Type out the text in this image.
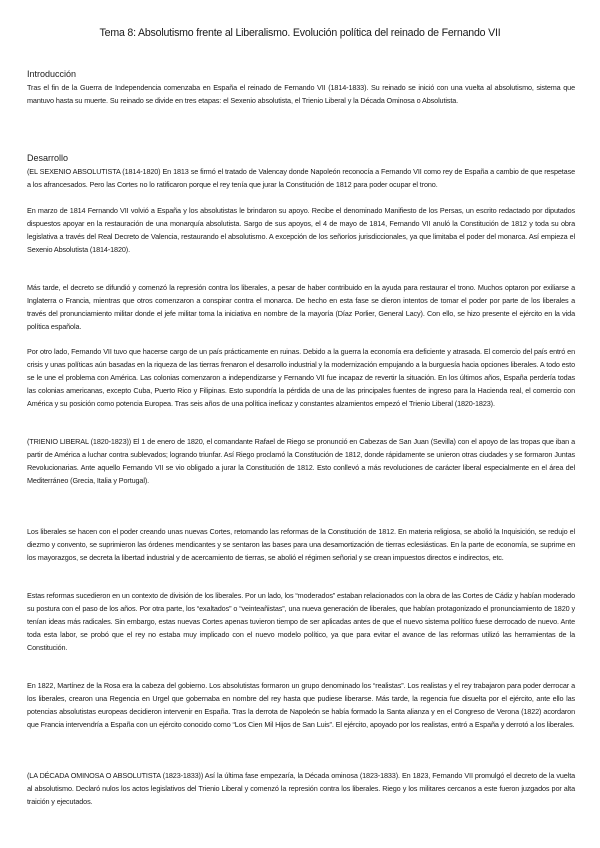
Tema 8: Absolutismo frente al Liberalismo. Evolución política del reinado de Fernando VII
Introducción
Tras el fin de la Guerra de Independencia comenzaba en España el reinado de Fernando VII (1814-1833). Su reinado se inició con una vuelta al absolutismo, sistema que mantuvo hasta su muerte. Su reinado se divide en tres etapas: el Sexenio absolutista, el Trienio Liberal y la Década Ominosa o Absolutista.
Desarrollo
(EL SEXENIO ABSOLUTISTA (1814-1820) En 1813 se firmó el tratado de Valencay donde Napoleón reconocía a Fernando VII como rey de España a cambio de que respetase a los afrancesados. Pero las Cortes no lo ratificaron porque el rey tenía que jurar la Constitución de 1812 para poder ocupar el trono.
En marzo de 1814 Fernando VII volvió a España y los absolutistas le brindaron su apoyo. Recibe el denominado Manifiesto de los Persas, un escrito redactado por diputados dispuestos apoyar en la restauración de una monarquía absolutista. Sargo de sus apoyos, el 4 de mayo de 1814, Fernando VII anuló la Constitución de 1812 y toda su obra legislativa a través del Real Decreto de Valencia, restaurando el absolutismo. A excepción de los señoríos jurisdiccionales, ya que limitaba el poder del monarca. Así empieza el Sexenio Absolutista (1814-1820).
Más tarde, el decreto se difundió y comenzó la represión contra los liberales, a pesar de haber contribuido en la ayuda para restaurar el trono. Muchos optaron por exiliarse a Inglaterra o Francia, mientras que otros comenzaron a conspirar contra el monarca. De hecho en esta fase se dieron intentos de tomar el poder por parte de los liberales a través del pronunciamiento militar donde el jefe militar toma la iniciativa en nombre de la mayoría (Díaz Porlier, General Lacy). Con ello, se hizo presente el ejército en la vida política española.
Por otro lado, Fernando VII tuvo que hacerse cargo de un país prácticamente en ruinas. Debido a la guerra la economía era deficiente y atrasada. El comercio del país entró en crisis y unas políticas aún basadas en la riqueza de las tierras frenaron el desarrollo industrial y la modernización empujando a la burguesía hacia opciones liberales. A todo esto se le une el problema con América. Las colonias comenzaron a independizarse y Fernando VII fue incapaz de revertir la situación. En los últimos años, España perdería todas las colonias americanas, excepto Cuba, Puerto Rico y Filipinas. Esto supondría la pérdida de una de las principales fuentes de ingreso para la Hacienda real, el comercio con América y su posición como potencia Europea. Tras seis años de una política ineficaz y constantes alzamientos empezó el Trienio Liberal (1820-1823).
(TRIENIO LIBERAL (1820-1823)) El 1 de enero de 1820, el comandante Rafael de Riego se pronunció en Cabezas de San Juan (Sevilla) con el apoyo de las tropas que iban a partir de América a luchar contra sublevados; logrando triunfar. Así Riego proclamó la Constitución de 1812, donde rápidamente se unieron otras ciudades y se formaron Juntas Revolucionarias. Ante aquello Fernando VII se vio obligado a jurar la Constitución de 1812. Esto conllevó a más revoluciones de carácter liberal especialmente en el área del Mediterráneo (Grecia, Italia y Portugal).
Los liberales se hacen con el poder creando unas nuevas Cortes, retomando las reformas de la Constitución de 1812. En materia religiosa, se abolió la Inquisición, se redujo el diezmo y convento, se suprimieron las órdenes mendicantes y se sentaron las bases para una desamortización de tierras eclesiásticas. En la parte de economía, se suprime en los mayorazgos, se decreta la libertad industrial y de acercamiento de tierras, se abolió el régimen señorial y se crean impuestos directos e indirectos, etc.
Estas reformas sucedieron en un contexto de división de los liberales. Por un lado, los “moderados” estaban relacionados con la obra de las Cortes de Cádiz y habían moderado su postura con el paso de los años. Por otra parte, los “exaltados” o “veinteañistas”, una nueva generación de liberales, que habían protagonizado el pronunciamiento de 1820 y tenían ideas más radicales. Sin embargo, estas nuevas Cortes apenas tuvieron tiempo de ser aplicadas antes de que el nuevo sistema político fuese derrocado de nuevo. Ante toda esta labor, se probó que el rey no estaba muy implicado con el nuevo modelo político, ya que para evitar el avance de las reformas utilizó las herramientas de la Constitución.
En 1822, Martínez de la Rosa era la cabeza del gobierno. Los absolutistas formaron un grupo denominado los “realistas”. Los realistas y el rey trabajaron para poder derrocar a los liberales, crearon una Regencia en Urgel que gobernaba en nombre del rey hasta que pudiese liberarse. Más tarde, la regencia fue disuelta por el ejército, ante ello las potencias absolutistas europeas decidieron intervenir en España. Tras la derrota de Napoleón se había formado la Santa alianza y en el Congreso de Verona (1822) acordaron que Francia intervendría a España con un ejército conocido como “Los Cien Mil Hijos de San Luis”. El ejército, apoyado por los realistas, entró a España y derrotó a los liberales.
(LA DÉCADA OMINOSA O ABSOLUTISTA (1823-1833)) Así la última fase empezaría, la Década ominosa (1823-1833). En 1823, Fernando VII promulgó el decreto de la vuelta al absolutismo. Declaró nulos los actos legislativos del Trienio Liberal y comenzó la represión contra los liberales. Riego y los militares cercanos a este fueron juzgados por alta traición y ejecutados.
